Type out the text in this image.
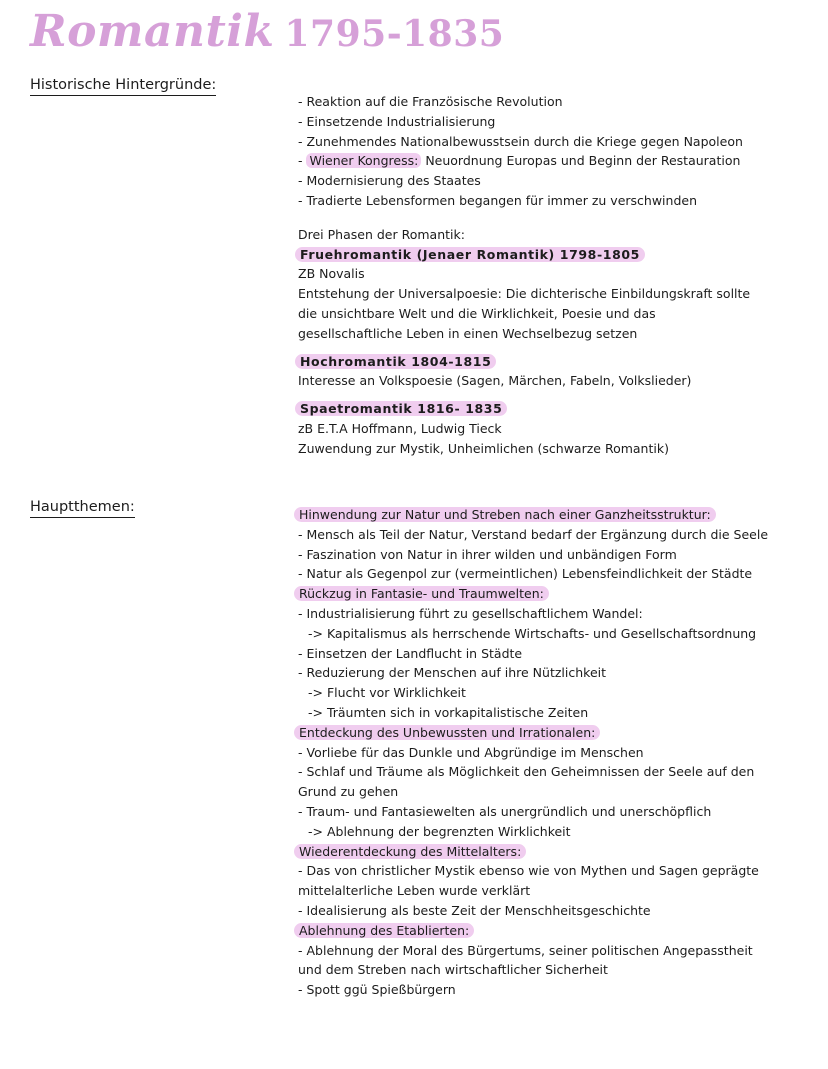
Romantik 1795-1835
Historische Hintergründe:
- Reaktion auf die Französische Revolution
- Einsetzende Industrialisierung
- Zunehmendes Nationalbewusstsein durch die Kriege gegen Napoleon
- Wiener Kongress: Neuordnung Europas und Beginn der Restauration
- Modernisierung des Staates
- Tradierte Lebensformen begangen für immer zu verschwinden
Drei Phasen der Romantik:
Fruehromantik (Jenaer Romantik) 1798-1805
ZB Novalis
Entstehung der Universalpoesie: Die dichterische Einbildungskraft sollte
die unsichtbare Welt und die Wirklichkeit, Poesie und das
gesellschaftliche Leben in einen Wechselbezug setzen
Hochromantik 1804-1815
Interesse an Volkspoesie (Sagen, Märchen, Fabeln, Volkslieder)
Spaetromantik 1816- 1835
zB E.T.A Hoffmann, Ludwig Tieck
Zuwendung zur Mystik, Unheimlichen (schwarze Romantik)
Hauptthemen:	Hinwendung zur Natur und Streben nach einer Ganzheitsstruktur:
- Mensch als Teil der Natur, Verstand bedarf der Ergänzung durch die Seele
- Faszination von Natur in ihrer wilden und unbändigen Form
- Natur als Gegenpol zur (vermeintlichen) Lebensfeindlichkeit der Städte
Rückzug in Fantasie- und Traumwelten:
- Industrialisierung führt zu gesellschaftlichem Wandel:
-> Kapitalismus als herrschende Wirtschafts- und Gesellschaftsordnung
- Einsetzen der Landflucht in Städte
- Reduzierung der Menschen auf ihre Nützlichkeit
-> Flucht vor Wirklichkeit
-> Träumten sich in vorkapitalistische Zeiten
Entdeckung des Unbewussten und Irrationalen:
- Vorliebe für das Dunkle und Abgründige im Menschen
- Schlaf und Träume als Möglichkeit den Geheimnissen der Seele auf den
Grund zu gehen
- Traum- und Fantasiewelten als unergründlich und unerschöpflich
-> Ablehnung der begrenzten Wirklichkeit
Wiederentdeckung des Mittelalters:
- Das von christlicher Mystik ebenso wie von Mythen und Sagen geprägte
mittelalterliche Leben wurde verklärt
- Idealisierung als beste Zeit der Menschheitsgeschichte
Ablehnung des Etablierten:
- Ablehnung der Moral des Bürgertums, seiner politischen Angepasstheit
und dem Streben nach wirtschaftlicher Sicherheit
- Spott ggü Spießbürgern
